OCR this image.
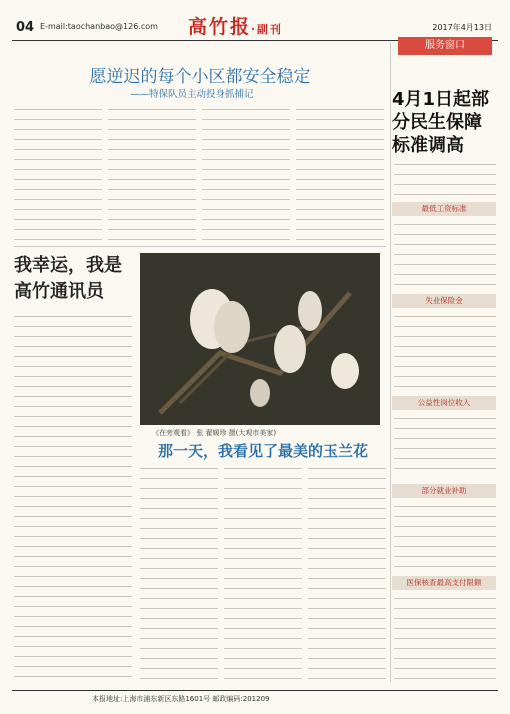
04 E-mail:taochanbao@126.com 高竹报·副刊	2017年4月13日
愿逆迟的每个小区都安全稳定
——特保队员主动投身抓捕记
服务窗口
4月1日起部分民生保障标准调高
最低工资标准
失业保险金
公益性岗位收入
部分就业补助
医保核查最高支付限额
我幸运，我是高竹通讯员
《在旁观看》 张 翟媛珍 摄(大观市美家)
那一天，我看见了最美的玉兰花
本报地址:上海市浦东新区东路1601号 邮政编码:201209
